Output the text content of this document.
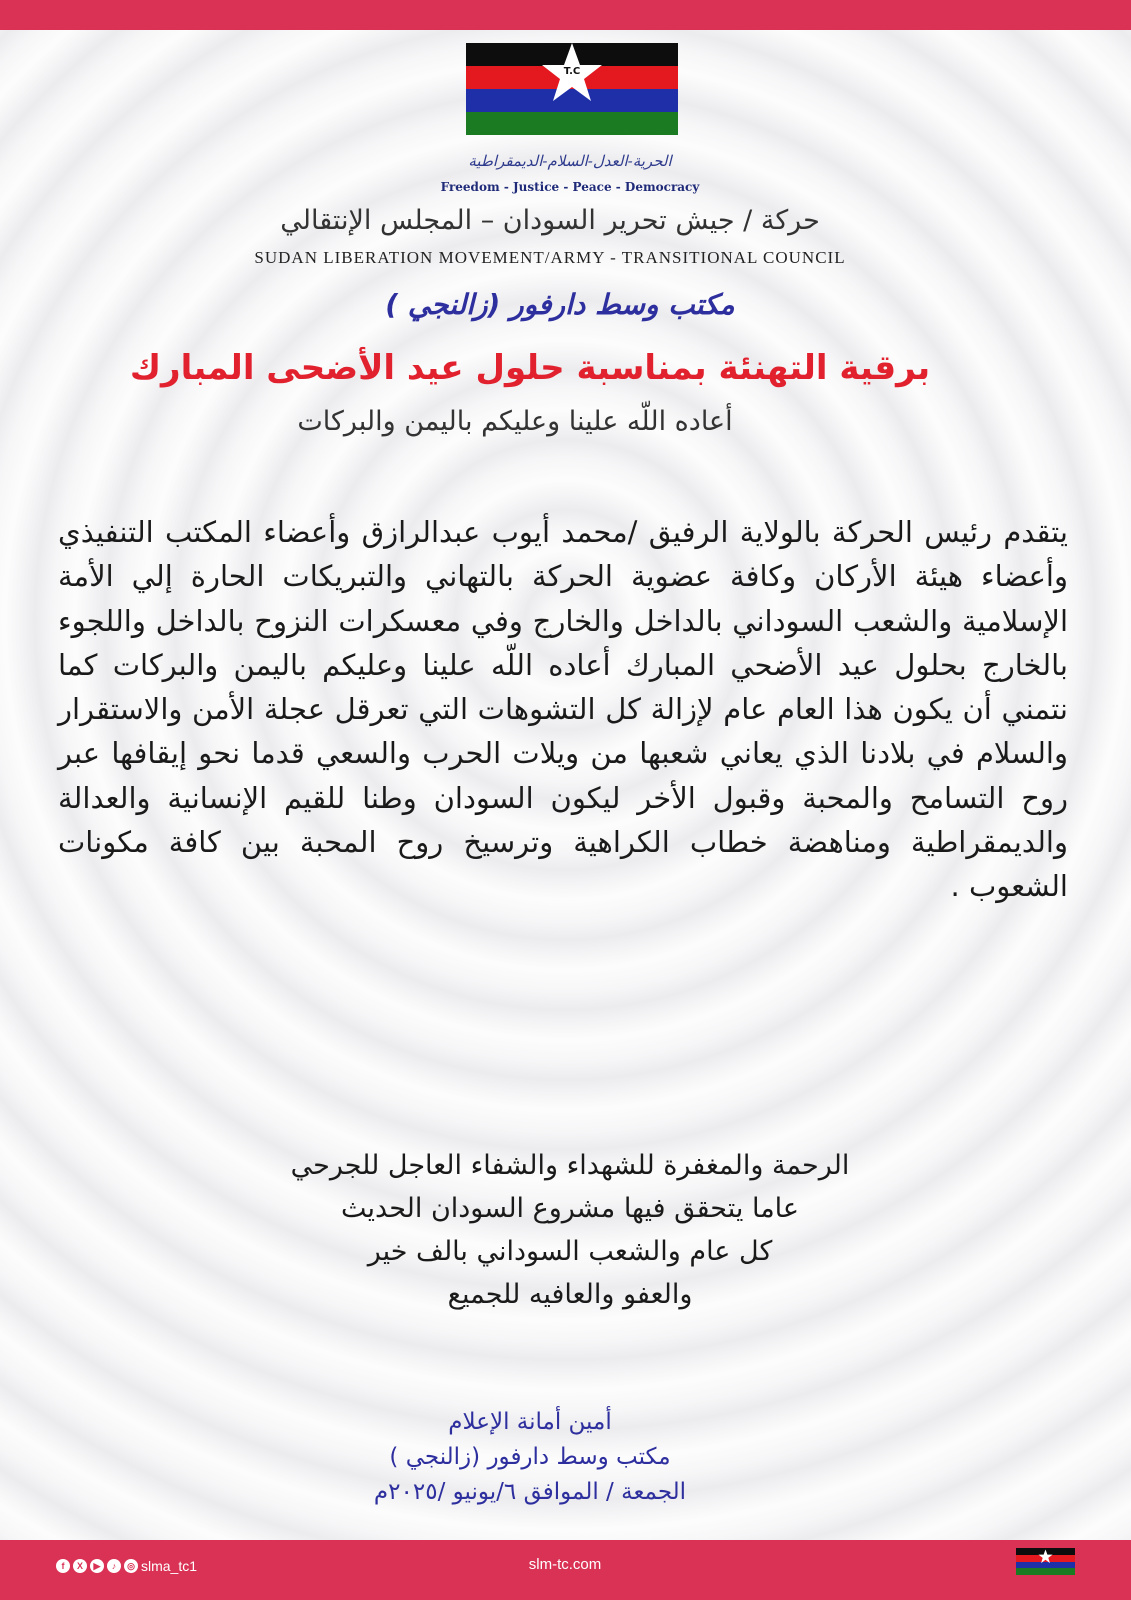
T.C
الحرية-العدل-السلام-الديمقراطية
Freedom - Justice - Peace - Democracy
حركة / جيش تحرير السودان – المجلس الإنتقالي
SUDAN LIBERATION MOVEMENT/ARMY - TRANSITIONAL COUNCIL
مكتب وسط دارفور (زالنجي )
برقية التهنئة بمناسبة حلول عيد الأضحى المبارك
أعاده اللّه علينا وعليكم باليمن والبركات
يتقدم رئيس الحركة بالولاية الرفيق /محمد أيوب عبدالرازق وأعضاء المكتب التنفيذي وأعضاء هيئة الأركان وكافة عضوية الحركة بالتهاني والتبريكات الحارة إلي الأمة الإسلامية والشعب السوداني بالداخل والخارج وفي معسكرات النزوح بالداخل واللجوء بالخارج بحلول عيد الأضحي المبارك أعاده اللّه علينا وعليكم باليمن والبركات كما نتمني أن يكون هذا العام عام لإزالة كل التشوهات التي تعرقل عجلة الأمن والاستقرار والسلام في بلادنا الذي يعاني شعبها من ويلات الحرب والسعي قدما نحو إيقافها عبر روح التسامح والمحبة وقبول الأخر ليكون السودان وطنا للقيم الإنسانية والعدالة والديمقراطية ومناهضة خطاب الكراهية وترسيخ روح المحبة بين كافة مكونات الشعوب .
الرحمة والمغفرة للشهداء والشفاء العاجل للجرحي
عاما يتحقق فيها مشروع السودان الحديث
كل عام والشعب السوداني بالف خير
والعفو والعافيه للجميع
أمين أمانة الإعلام
مكتب وسط دارفور (زالنجي )
الجمعة / الموافق ٦/يونيو /٢٠٢٥م
f	X	▶	♪	◎ slma_tc1	slm-tc.com
